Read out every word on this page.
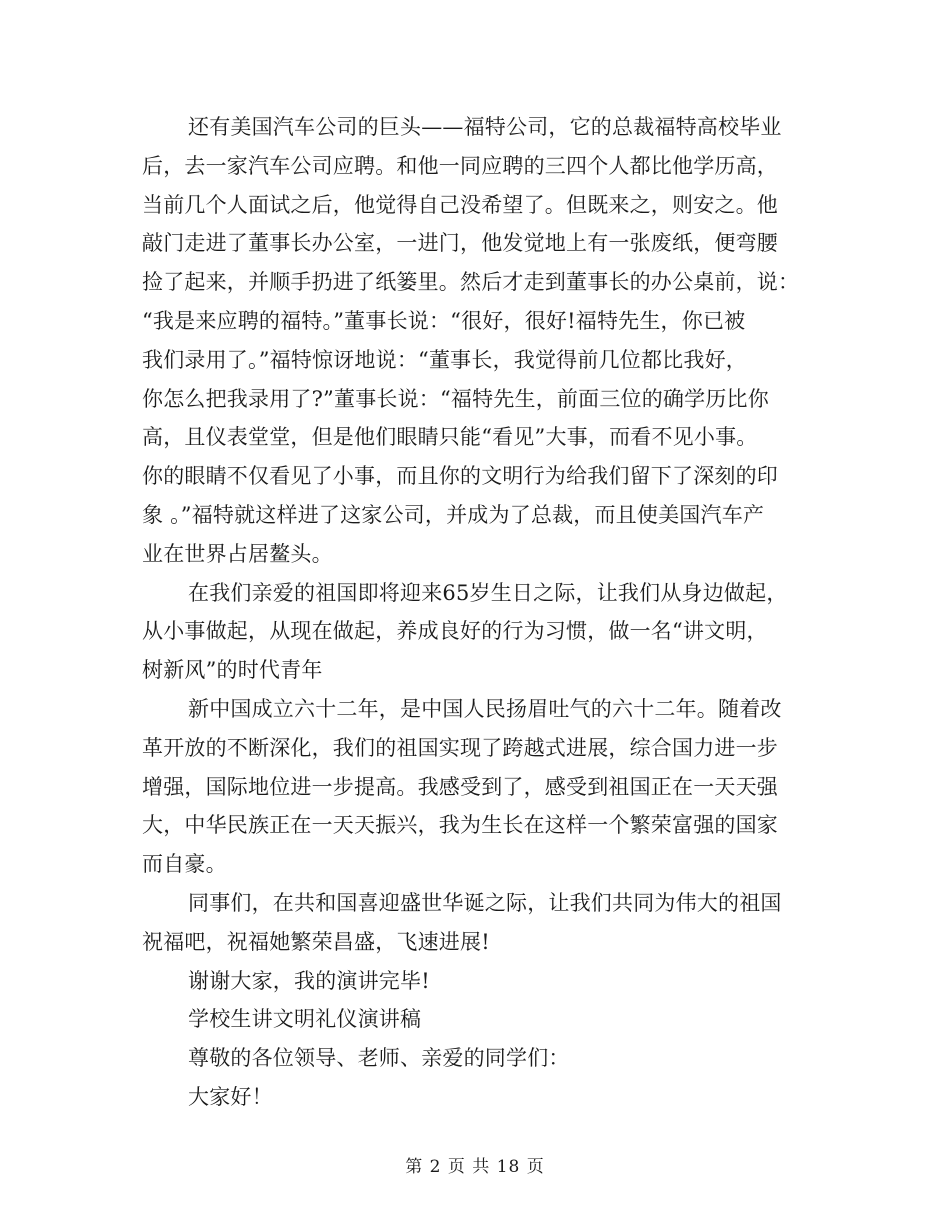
还有美国汽车公司的巨头——福特公司，它的总裁福特高校毕业
后，去一家汽车公司应聘。和他一同应聘的三四个人都比他学历高，
当前几个人面试之后，他觉得自己没希望了。但既来之，则安之。他
敲门走进了董事长办公室，一进门，他发觉地上有一张废纸，便弯腰
捡了起来，并顺手扔进了纸篓里。然后才走到董事长的办公桌前，说：
“我是来应聘的福特。”董事长说：“很好，很好!福特先生，你已被
我们录用了。”福特惊讶地说：“董事长，我觉得前几位都比我好，
你怎么把我录用了?”董事长说：“福特先生，前面三位的确学历比你
高，且仪表堂堂，但是他们眼睛只能“看见”大事，而看不见小事。
你的眼睛不仅看见了小事，而且你的文明行为给我们留下了深刻的印
象 。”福特就这样进了这家公司，并成为了总裁，而且使美国汽车产
业在世界占居鳌头。

在我们亲爱的祖国即将迎来65岁生日之际，让我们从身边做起，
从小事做起，从现在做起，养成良好的行为习惯，做一名“讲文明，
树新风”的时代青年

新中国成立六十二年，是中国人民扬眉吐气的六十二年。随着改
革开放的不断深化，我们的祖国实现了跨越式进展，综合国力进一步
增强，国际地位进一步提高。我感受到了，感受到祖国正在一天天强
大，中华民族正在一天天振兴，我为生长在这样一个繁荣富强的国家
而自豪。

同事们，在共和国喜迎盛世华诞之际，让我们共同为伟大的祖国
祝福吧，祝福她繁荣昌盛，飞速进展!

谢谢大家，我的演讲完毕!

学校生讲文明礼仪演讲稿

尊敬的各位领导、老师、亲爱的同学们：

大家好！

第 2 页 共 18 页
